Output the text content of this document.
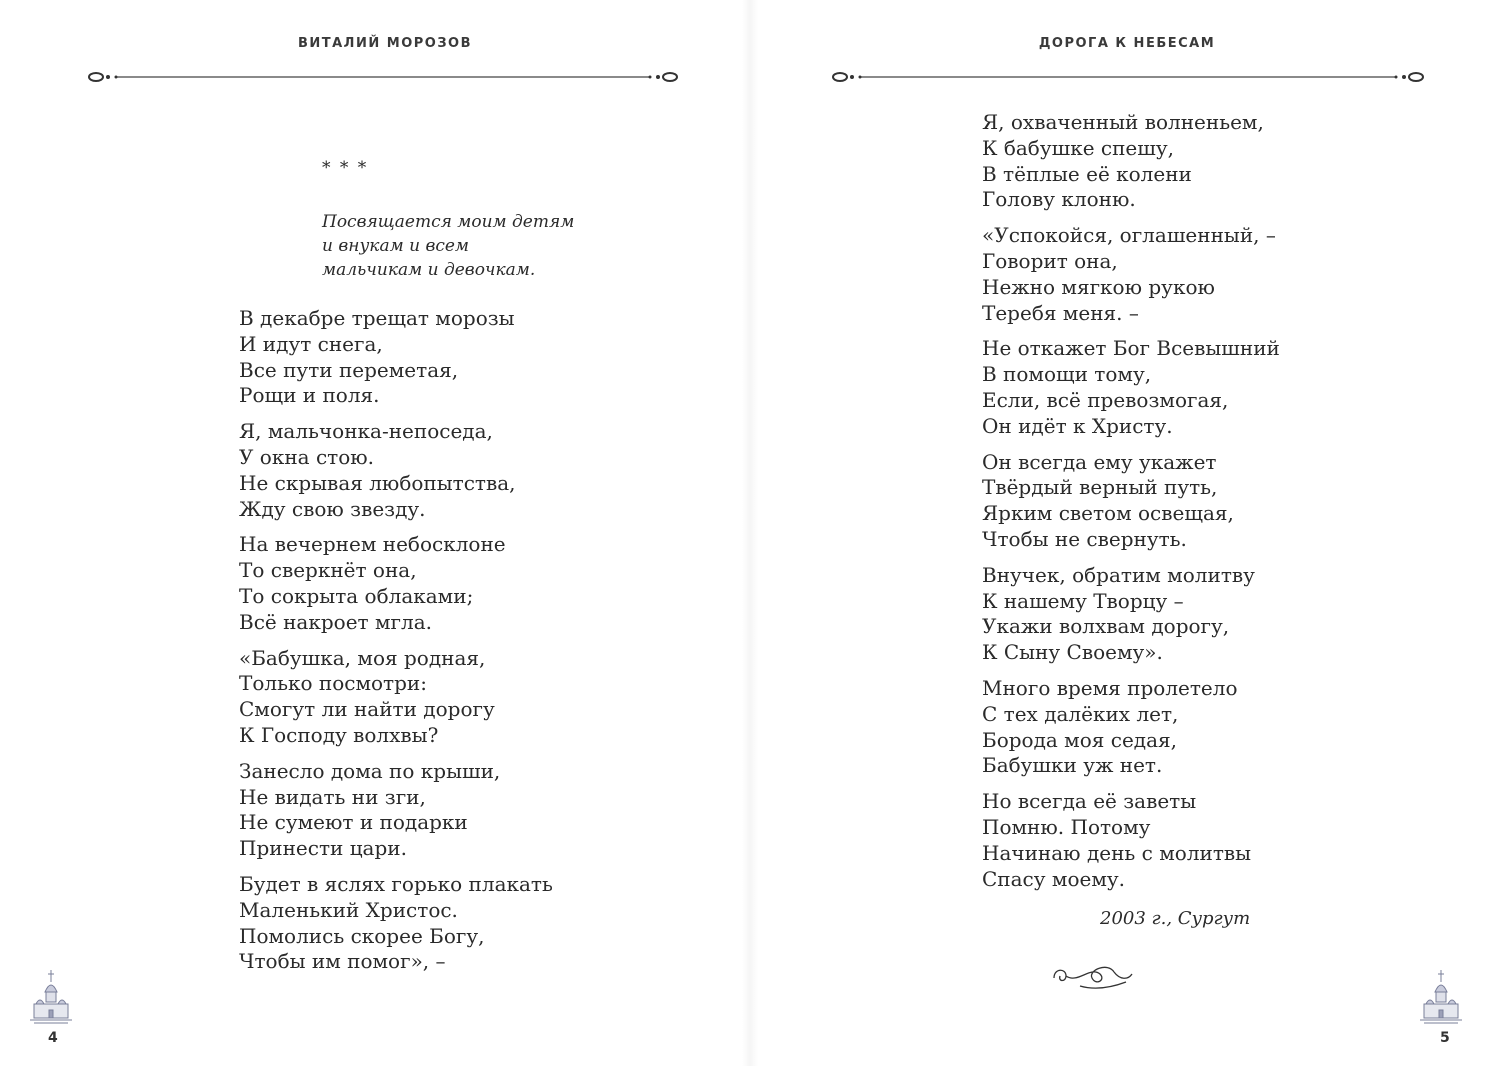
ВИТАЛИЙ МОРОЗОВ
* * *
Посвящается моим детям
и внукам и всем
мальчикам и девочкам.
В декабре трещат морозы
И идут снега,
Все пути переметая,
Рощи и поля.
Я, мальчонка-непоседа,
У окна стою.
Не скрывая любопытства,
Жду свою звезду.
На вечернем небосклоне
То сверкнёт она,
То сокрыта облаками;
Всё накроет мгла.
«Бабушка, моя родная,
Только посмотри:
Смогут ли найти дорогу
К Господу волхвы?
Занесло дома по крыши,
Не видать ни зги,
Не сумеют и подарки
Принести цари.
Будет в яслях горько плакать
Маленький Христос.
Помолись скорее Богу,
Чтобы им помог», –
4
ДОРОГА К НЕБЕСАМ
Я, охваченный волненьем,
К бабушке спешу,
В тёплые её колени
Голову клоню.
«Успокойся, оглашенный, –
Говорит она,
Нежно мягкою рукою
Теребя меня. –
Не откажет Бог Всевышний
В помощи тому,
Если, всё превозмогая,
Он идёт к Христу.
Он всегда ему укажет
Твёрдый верный путь,
Ярким светом освещая,
Чтобы не свернуть.
Внучек, обратим молитву
К нашему Творцу –
Укажи волхвам дорогу,
К Сыну Своему».
Много время пролетело
С тех далёких лет,
Борода моя седая,
Бабушки уж нет.
Но всегда её заветы
Помню. Потому
Начинаю день с молитвы
Спасу моему.
2003 г., Сургут
5
